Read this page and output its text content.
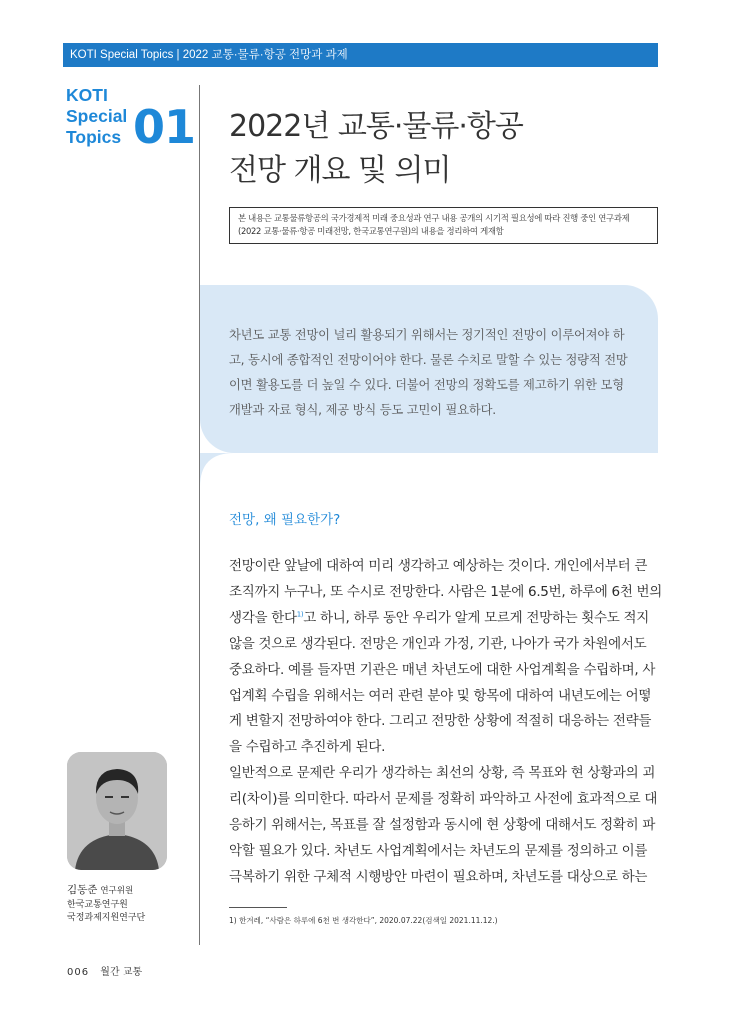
KOTI Special Topics | 2022 교통·물류·항공 전망과 과제
KOTI
Special
Topics 01 2022년 교통·물류·항공
전망 개요 및 의미
본 내용은 교통물류항공의 국가경제적 미래 중요성과 연구 내용 공개의 시기적 필요성에 따라 진행 중인 연구과제
(2022 교통·물류·항공 미래전망, 한국교통연구원)의 내용을 정리하여 게재함
차년도 교통 전망이 널리 활용되기 위해서는 정기적인 전망이 이루어져야 하
고, 동시에 종합적인 전망이어야 한다. 물론 수치로 말할 수 있는 정량적 전망
이면 활용도를 더 높일 수 있다. 더불어 전망의 정확도를 제고하기 위한 모형
개발과 자료 형식, 제공 방식 등도 고민이 필요하다.
전망, 왜 필요한가?
전망이란 앞날에 대하여 미리 생각하고 예상하는 것이다. 개인에서부터 큰
조직까지 누구나, 또 수시로 전망한다. 사람은 1분에 6.5번, 하루에 6천 번의
생각을 한다$^{1)}$고 하니, 하루 동안 우리가 알게 모르게 전망하는 횟수도 적지
않을 것으로 생각된다. 전망은 개인과 가정, 기관, 나아가 국가 차원에서도
중요하다. 예를 들자면 기관은 매년 차년도에 대한 사업계획을 수립하며, 사
업계획 수립을 위해서는 여러 관련 분야 및 항목에 대하여 내년도에는 어떻
게 변할지 전망하여야 한다. 그리고 전망한 상황에 적절히 대응하는 전략들
을 수립하고 추진하게 된다.
일반적으로 문제란 우리가 생각하는 최선의 상황, 즉 목표와 현 상황과의 괴
리(차이)를 의미한다. 따라서 문제를 정확히 파악하고 사전에 효과적으로 대
응하기 위해서는, 목표를 잘 설정함과 동시에 현 상황에 대해서도 정확히 파
악할 필요가 있다. 차년도 사업계획에서는 차년도의 문제를 정의하고 이를
극복하기 위한 구체적 시행방안 마련이 필요하며, 차년도를 대상으로 하는
김동준 연구위원
한국교통연구원
국정과제지원연구단	1) 한겨레, “사람은 하루에 6천 번 생각한다”, 2020.07.22(검색일 2021.11.12.)
006 월간 교통
